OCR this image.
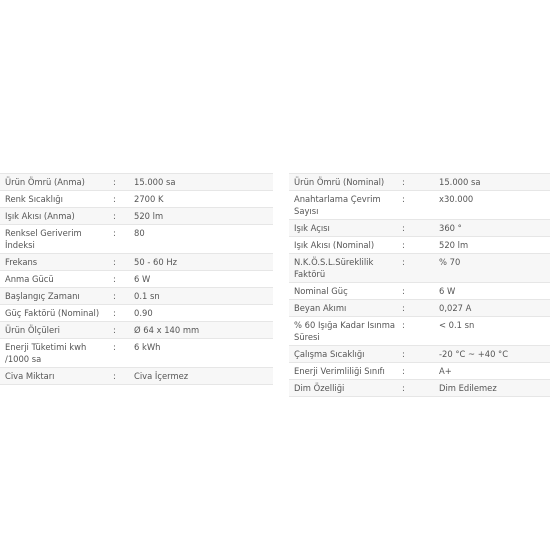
Ürün Ömrü (Anma)	:	15.000 sa
Renk Sıcaklığı	:	2700 K
Işık Akısı (Anma)	:	520 lm
Renksel Geriverim İndeksi	:	80
Frekans	:	50 - 60 Hz
Anma Gücü	:	6 W
Başlangıç Zamanı	:	0.1 sn
Güç Faktörü (Nominal)	:	0.90
Ürün Ölçüleri	:	Ø 64 x 140 mm
Enerji Tüketimi kwh /1000 sa	:	6 kWh
Civa Miktarı	:	Civa İçermez
Ürün Ömrü (Nominal)	:	15.000 sa
Anahtarlama Çevrim Sayısı	:	x30.000
Işık Açısı	:	360 °
Işık Akısı (Nominal)	:	520 lm
N.K.Ö.S.L.Süreklilik Faktörü	:	% 70
Nominal Güç	:	6 W
Beyan Akımı	:	0,027 A
% 60 Işığa Kadar Isınma Süresi	:	< 0.1 sn
Çalışma Sıcaklığı	:	-20 °C ~ +40 °C
Enerji Verimliliği Sınıfı	:	A+
Dim Özelliği	:	Dim Edilemez
